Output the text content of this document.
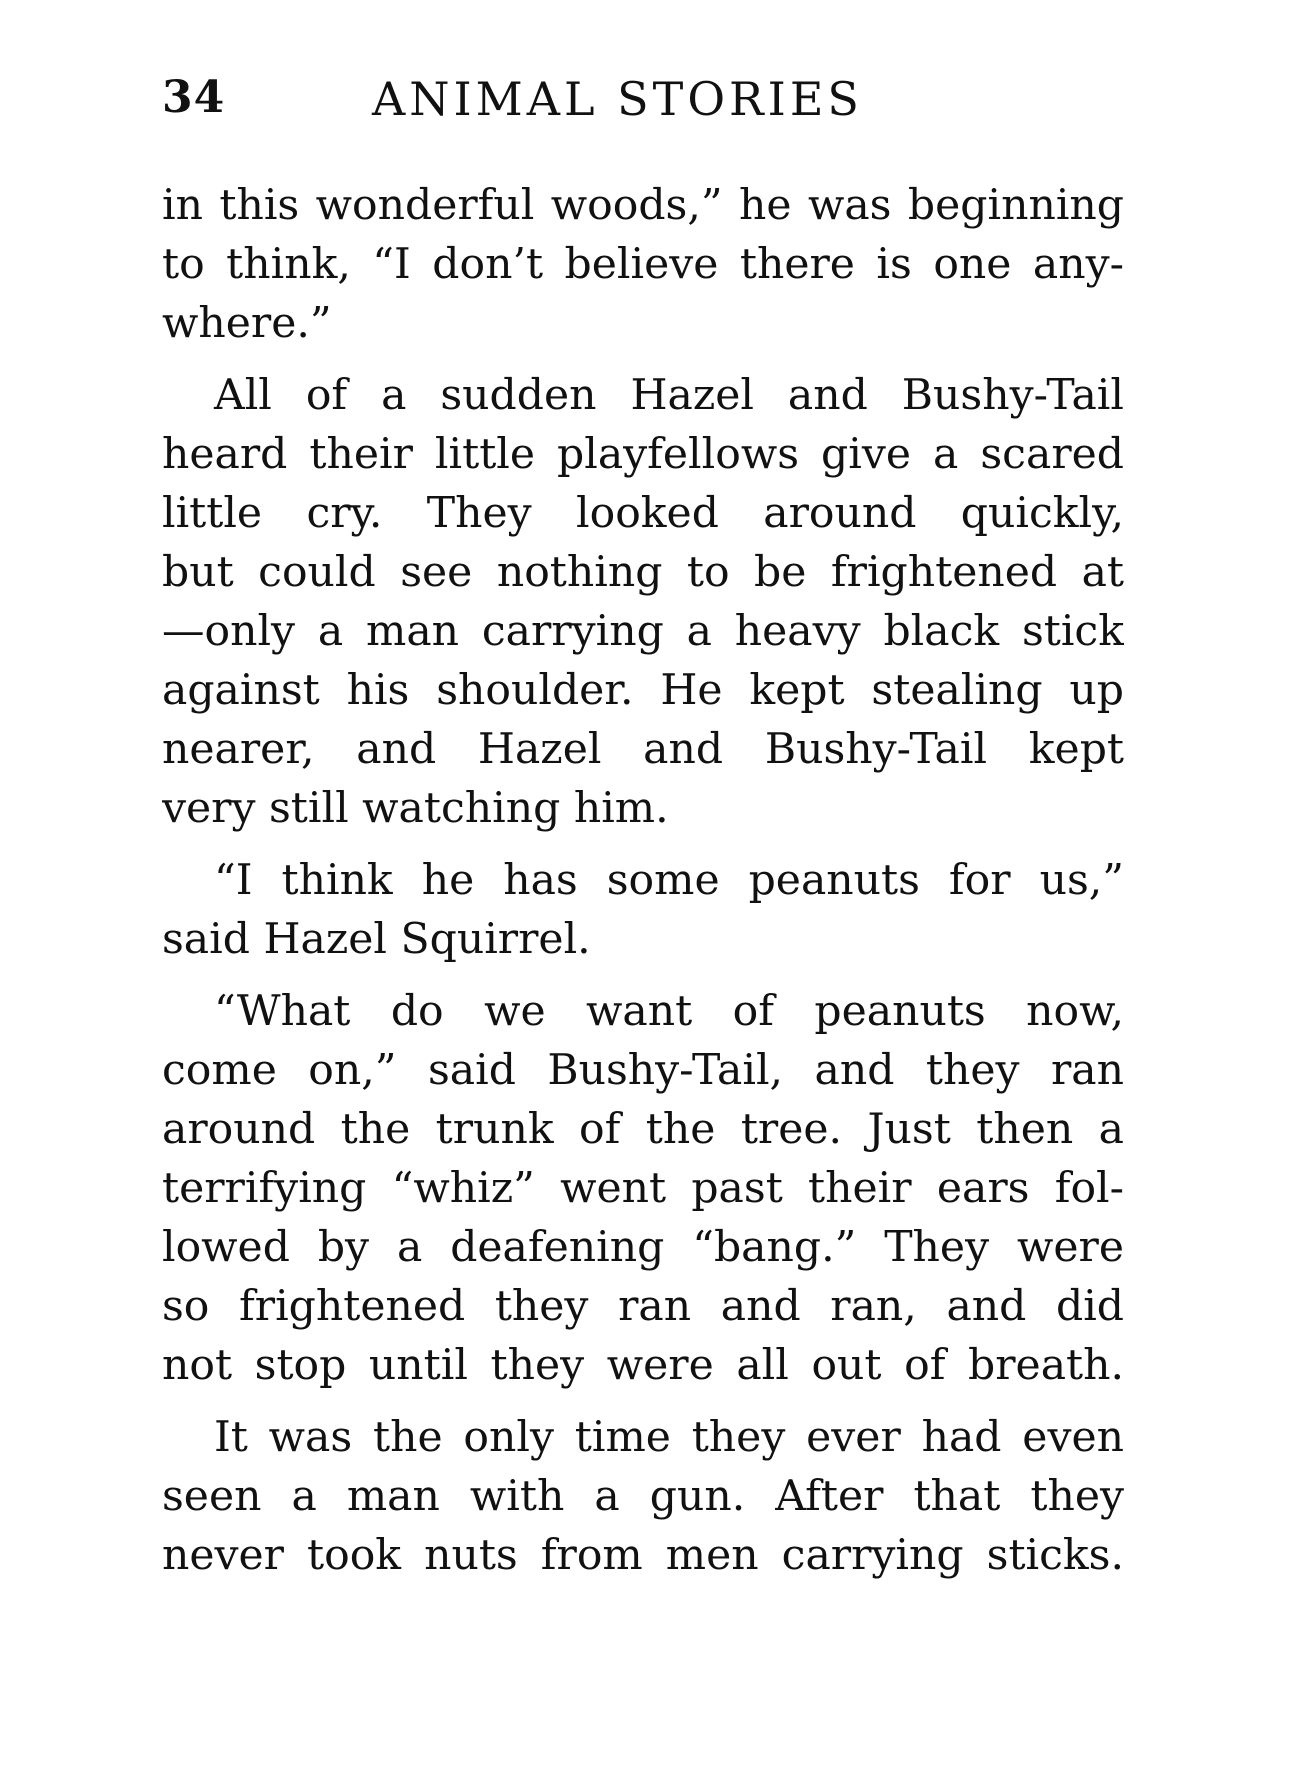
34	ANIMAL STORIES
in this wonderful woods,” he was beginning
to think, “I don’t believe there is one any-
where.”
All of a sudden Hazel and Bushy-Tail
heard their little playfellows give a scared
little cry. They looked around quickly,
but could see nothing to be frightened at
—only a man carrying a heavy black stick
against his shoulder. He kept stealing up
nearer, and Hazel and Bushy-Tail kept
very still watching him.
“I think he has some peanuts for us,”
said Hazel Squirrel.
“What do we want of peanuts now,
come on,” said Bushy-Tail, and they ran
around the trunk of the tree. Just then a
terrifying “whiz” went past their ears fol-
lowed by a deafening “bang.” They were
so frightened they ran and ran, and did
not stop until they were all out of breath.
It was the only time they ever had even
seen a man with a gun. After that they
never took nuts from men carrying sticks.
